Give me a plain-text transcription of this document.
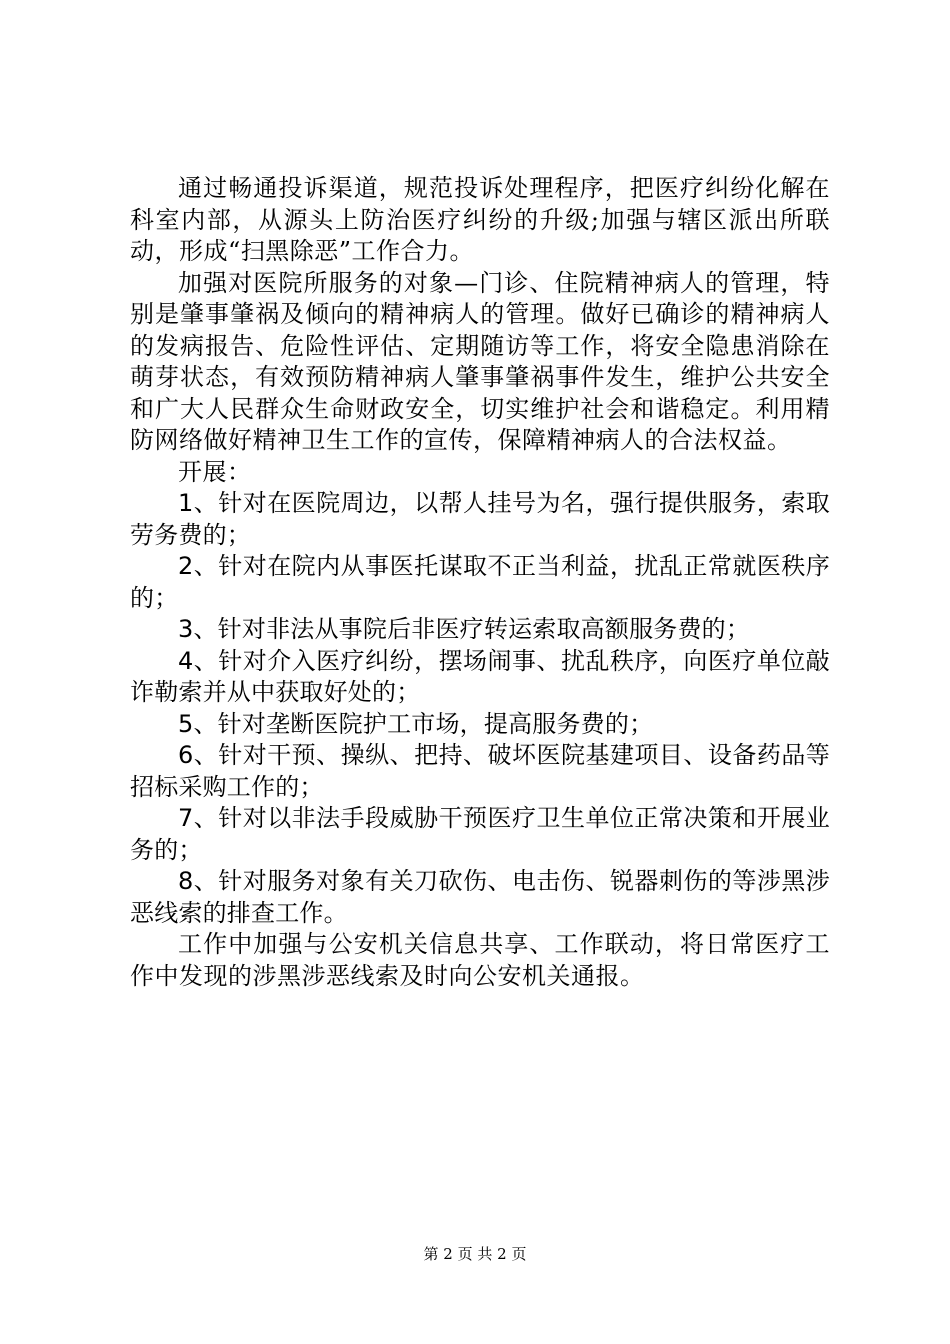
通过畅通投诉渠道，规范投诉处理程序，把医疗纠纷化解在科室内部，从源头上防治医疗纠纷的升级;加强与辖区派出所联动，形成“扫黑除恶”工作合力。

加强对医院所服务的对象—门诊、住院精神病人的管理，特别是肇事肇祸及倾向的精神病人的管理。做好已确诊的精神病人的发病报告、危险性评估、定期随访等工作，将安全隐患消除在萌芽状态，有效预防精神病人肇事肇祸事件发生，维护公共安全和广大人民群众生命财政安全，切实维护社会和谐稳定。利用精防网络做好精神卫生工作的宣传，保障精神病人的合法权益。

开展：

1、针对在医院周边，以帮人挂号为名，强行提供服务，索取劳务费的；

2、针对在院内从事医托谋取不正当利益，扰乱正常就医秩序的；

3、针对非法从事院后非医疗转运索取高额服务费的；

4、针对介入医疗纠纷，摆场闹事、扰乱秩序，向医疗单位敲诈勒索并从中获取好处的；

5、针对垄断医院护工市场，提高服务费的；

6、针对干预、操纵、把持、破坏医院基建项目、设备药品等招标采购工作的；

7、针对以非法手段威胁干预医疗卫生单位正常决策和开展业务的；

8、针对服务对象有关刀砍伤、电击伤、锐器刺伤的等涉黑涉恶线索的排查工作。

工作中加强与公安机关信息共享、工作联动，将日常医疗工作中发现的涉黑涉恶线索及时向公安机关通报。

第 2 页 共 2 页
